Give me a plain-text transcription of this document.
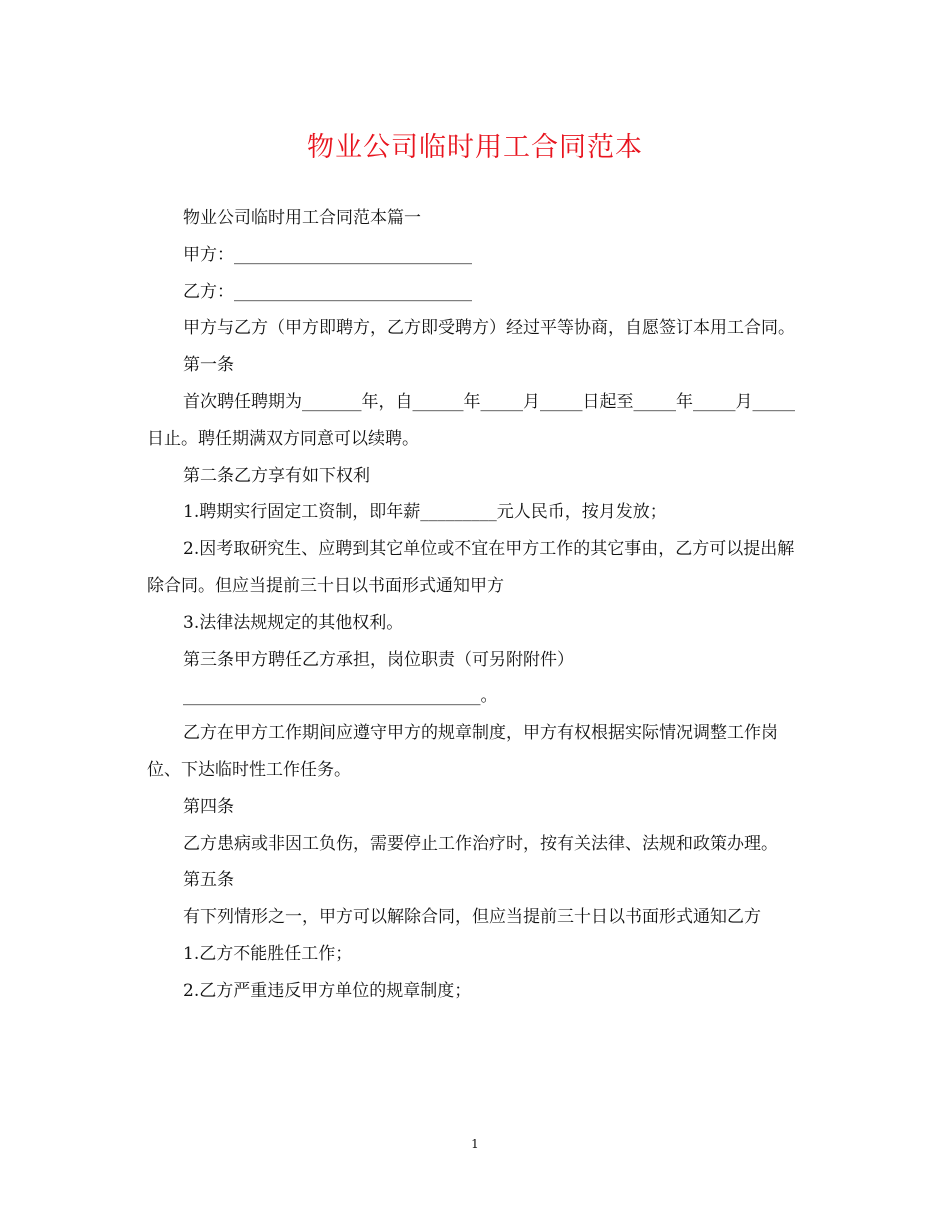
物业公司临时用工合同范本

物业公司临时用工合同范本篇一

甲方：____________________________

乙方：____________________________

甲方与乙方（甲方即聘方，乙方即受聘方）经过平等协商，自愿签订本用工合同。

第一条

首次聘任聘期为_______年，自______年_____月_____日起至_____年_____月_____日止。聘任期满双方同意可以续聘。

第二条乙方享有如下权利

1.聘期实行固定工资制，即年薪_________元人民币，按月发放；

2.因考取研究生、应聘到其它单位或不宜在甲方工作的其它事由，乙方可以提出解除合同。但应当提前三十日以书面形式通知甲方

3.法律法规规定的其他权利。

第三条甲方聘任乙方承担，岗位职责（可另附附件）

___________________________________。

乙方在甲方工作期间应遵守甲方的规章制度，甲方有权根据实际情况调整工作岗位、下达临时性工作任务。

第四条

乙方患病或非因工负伤，需要停止工作治疗时，按有关法律、法规和政策办理。

第五条

有下列情形之一，甲方可以解除合同，但应当提前三十日以书面形式通知乙方

1.乙方不能胜任工作；

2.乙方严重违反甲方单位的规章制度；

1
